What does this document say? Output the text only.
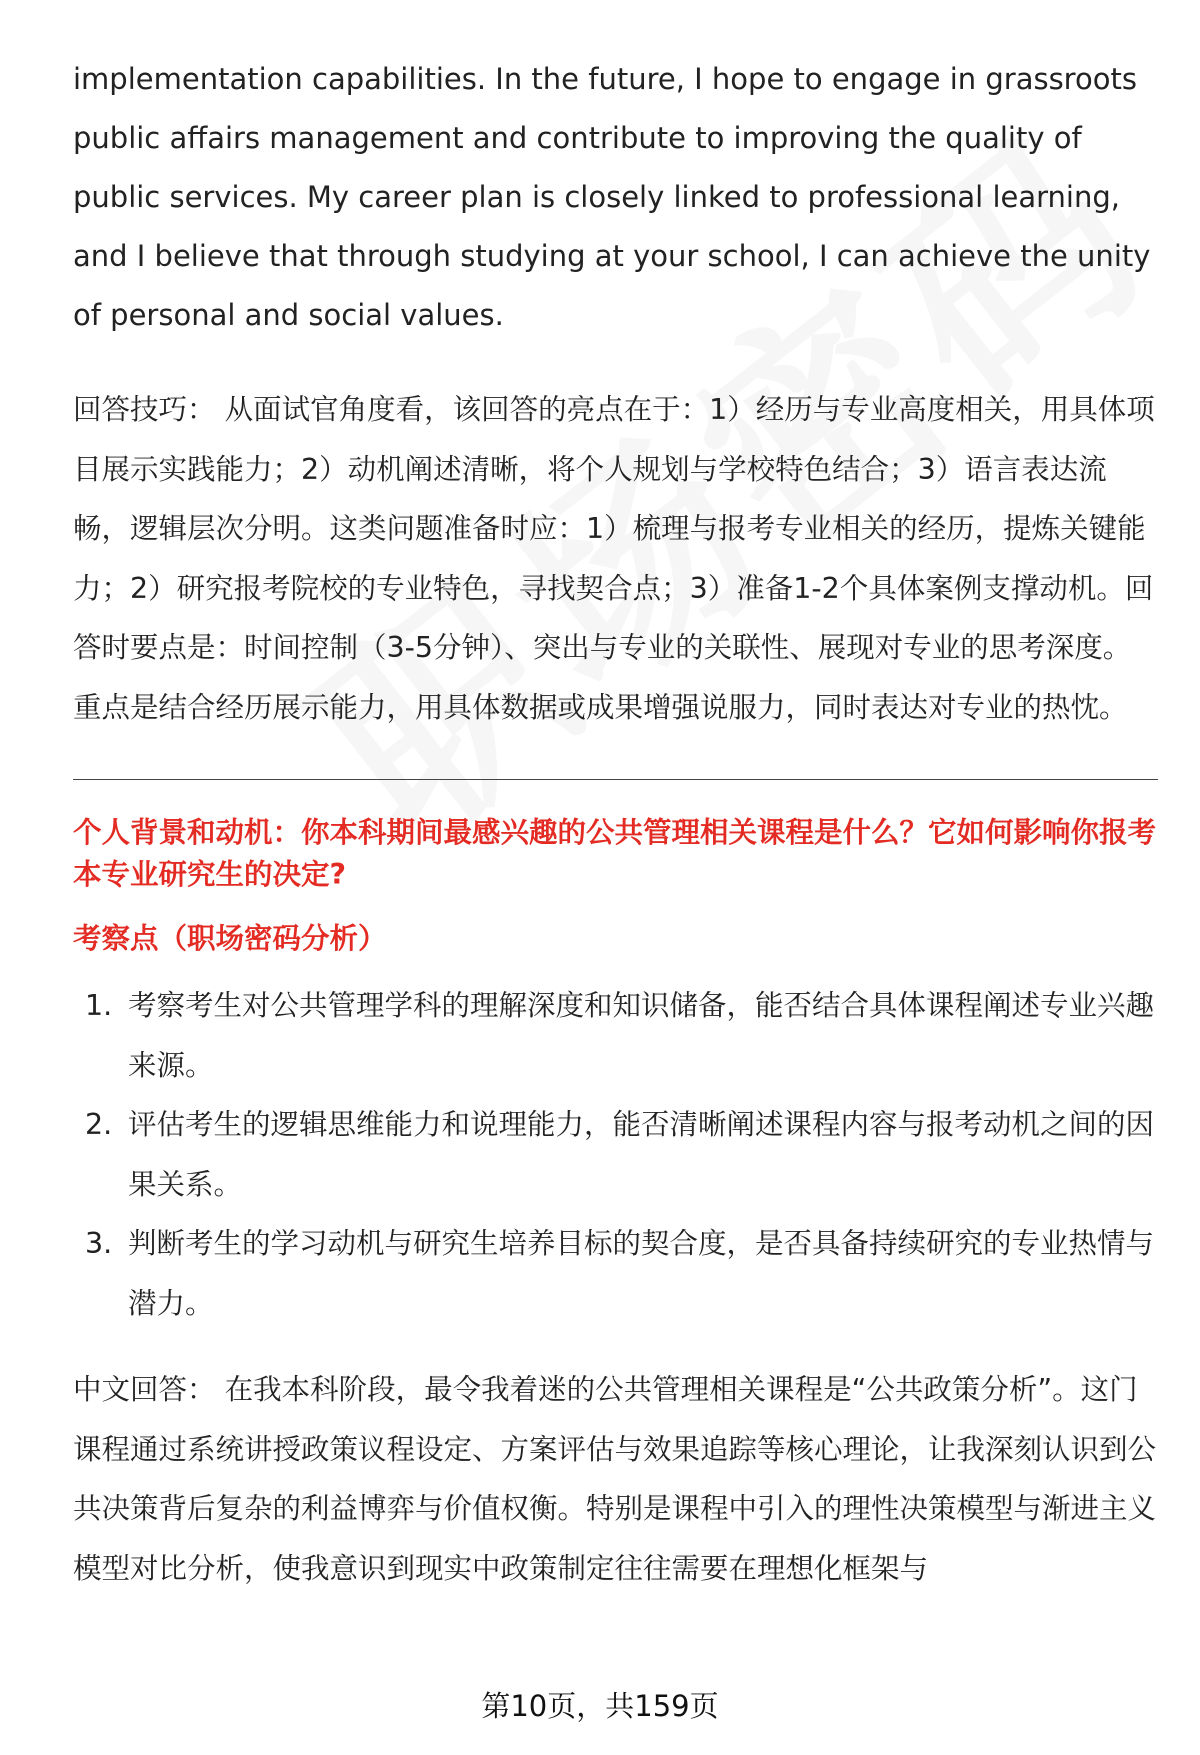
implementation capabilities. In the future, I hope to engage in grassroots public affairs management and contribute to improving the quality of public services. My career plan is closely linked to professional learning, and I believe that through studying at your school, I can achieve the unity of personal and social values.

回答技巧： 从面试官角度看，该回答的亮点在于：1）经历与专业高度相关，用具体项目展示实践能力；2）动机阐述清晰，将个人规划与学校特色结合；3）语言表达流畅，逻辑层次分明。这类问题准备时应：1）梳理与报考专业相关的经历，提炼关键能力；2）研究报考院校的专业特色，寻找契合点；3）准备1-2个具体案例支撑动机。回答时要点是：时间控制（3-5分钟）、突出与专业的关联性、展现对专业的思考深度。重点是结合经历展示能力，用具体数据或成果增强说服力，同时表达对专业的热忱。

个人背景和动机：你本科期间最感兴趣的公共管理相关课程是什么？它如何影响你报考本专业研究生的决定?

考察点（职场密码分析）

1. 考察考生对公共管理学科的理解深度和知识储备，能否结合具体课程阐述专业兴趣来源。
2. 评估考生的逻辑思维能力和说理能力，能否清晰阐述课程内容与报考动机之间的因果关系。
3. 判断考生的学习动机与研究生培养目标的契合度，是否具备持续研究的专业热情与潜力。

中文回答： 在我本科阶段，最令我着迷的公共管理相关课程是“公共政策分析”。这门课程通过系统讲授政策议程设定、方案评估与效果追踪等核心理论，让我深刻认识到公共决策背后复杂的利益博弈与价值权衡。特别是课程中引入的理性决策模型与渐进主义模型对比分析，使我意识到现实中政策制定往往需要在理想化框架与

第10页，共159页
